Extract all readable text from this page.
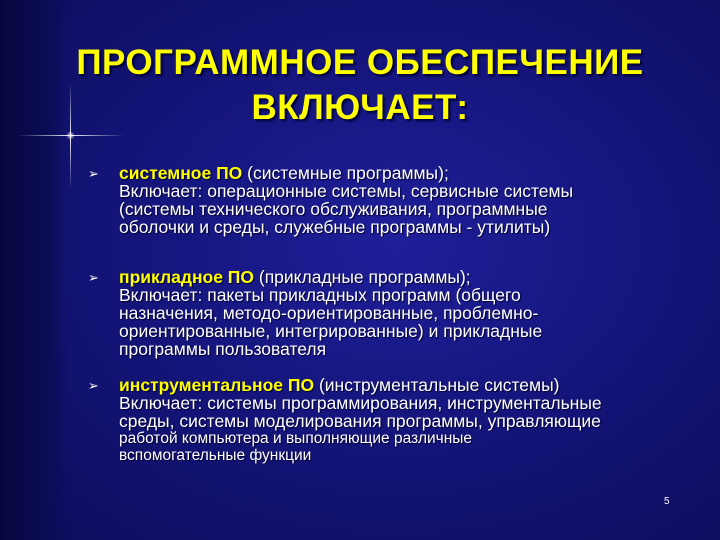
ПРОГРАММНОЕ ОБЕСПЕЧЕНИЕ
ВКЛЮЧАЕТ:
➢ системное ПО (системные программы);
Включает: операционные системы, сервисные системы
(системы технического обслуживания, программные
оболочки и среды, служебные программы - утилиты)
➢ прикладное ПО (прикладные программы);
Включает: пакеты прикладных программ (общего
назначения, методо-ориентированные, проблемно-
ориентированные, интегрированные) и прикладные
программы пользователя
➢ инструментальное ПО (инструментальные системы)
Включает: системы программирования, инструментальные
среды, системы моделирования программы, управляющие
работой компьютера и выполняющие различные
вспомогательные функции
5
